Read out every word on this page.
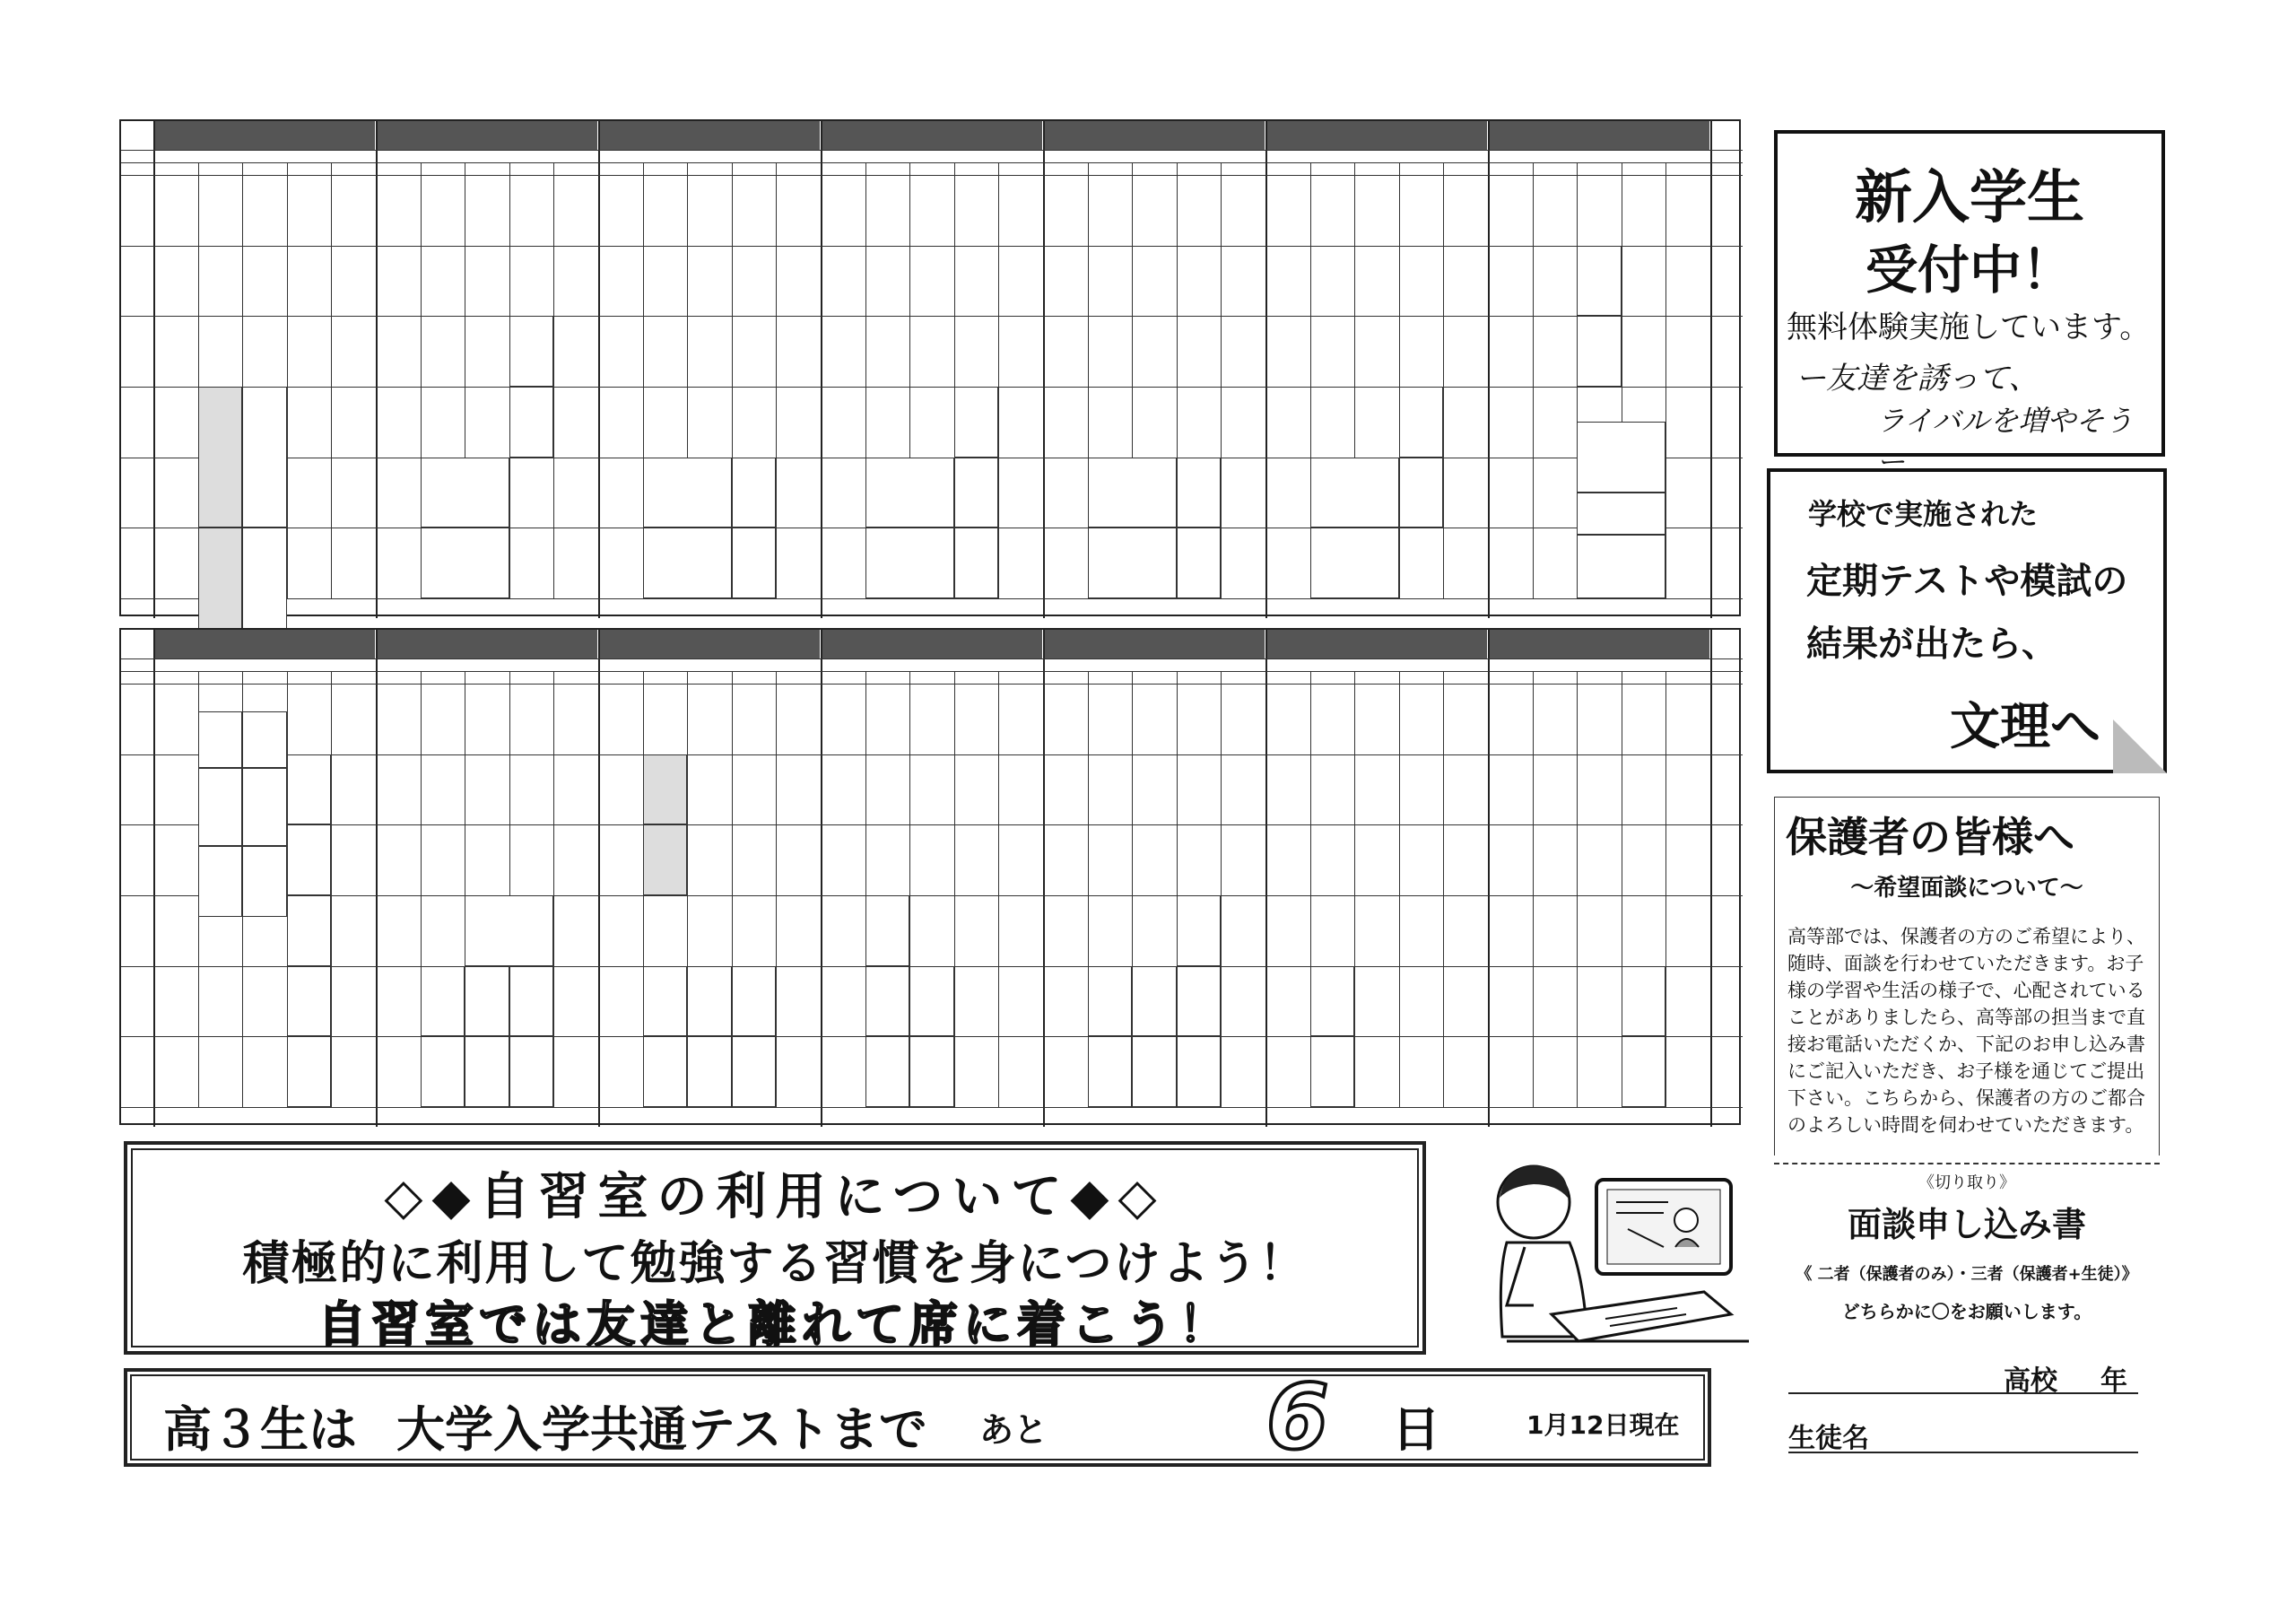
新入学生
受付中！
無料体験実施しています。
ー友達を誘って、
ライバルを増やそうー
学校で実施された
定期テストや模試の
結果が出たら、
文理へ
保護者の皆様へ
～希望面談について～
高等部では、保護者の方のご希望により、随時、面談を行わせていただきます。お子様の学習や生活の様子で、心配されていることがありましたら、高等部の担当まで直接お電話いただくか、下記のお申し込み書にご記入いただき、お子様を通じてご提出下さい。こちらから、保護者の方のご都合のよろしい時間を伺わせていただきます。
《切り取り》
面談申し込み書
《 二者（保護者のみ）・三者（保護者+生徒）》
どちらかに〇をお願いします。
高校 年
生徒名
◇◆自習室の利用について◆◇
積極的に利用して勉強する習慣を身につけよう！
自習室では友達と離れて席に着こう！
高３生は 大学入学共通テストまで あと 6 日	1月12日現在
